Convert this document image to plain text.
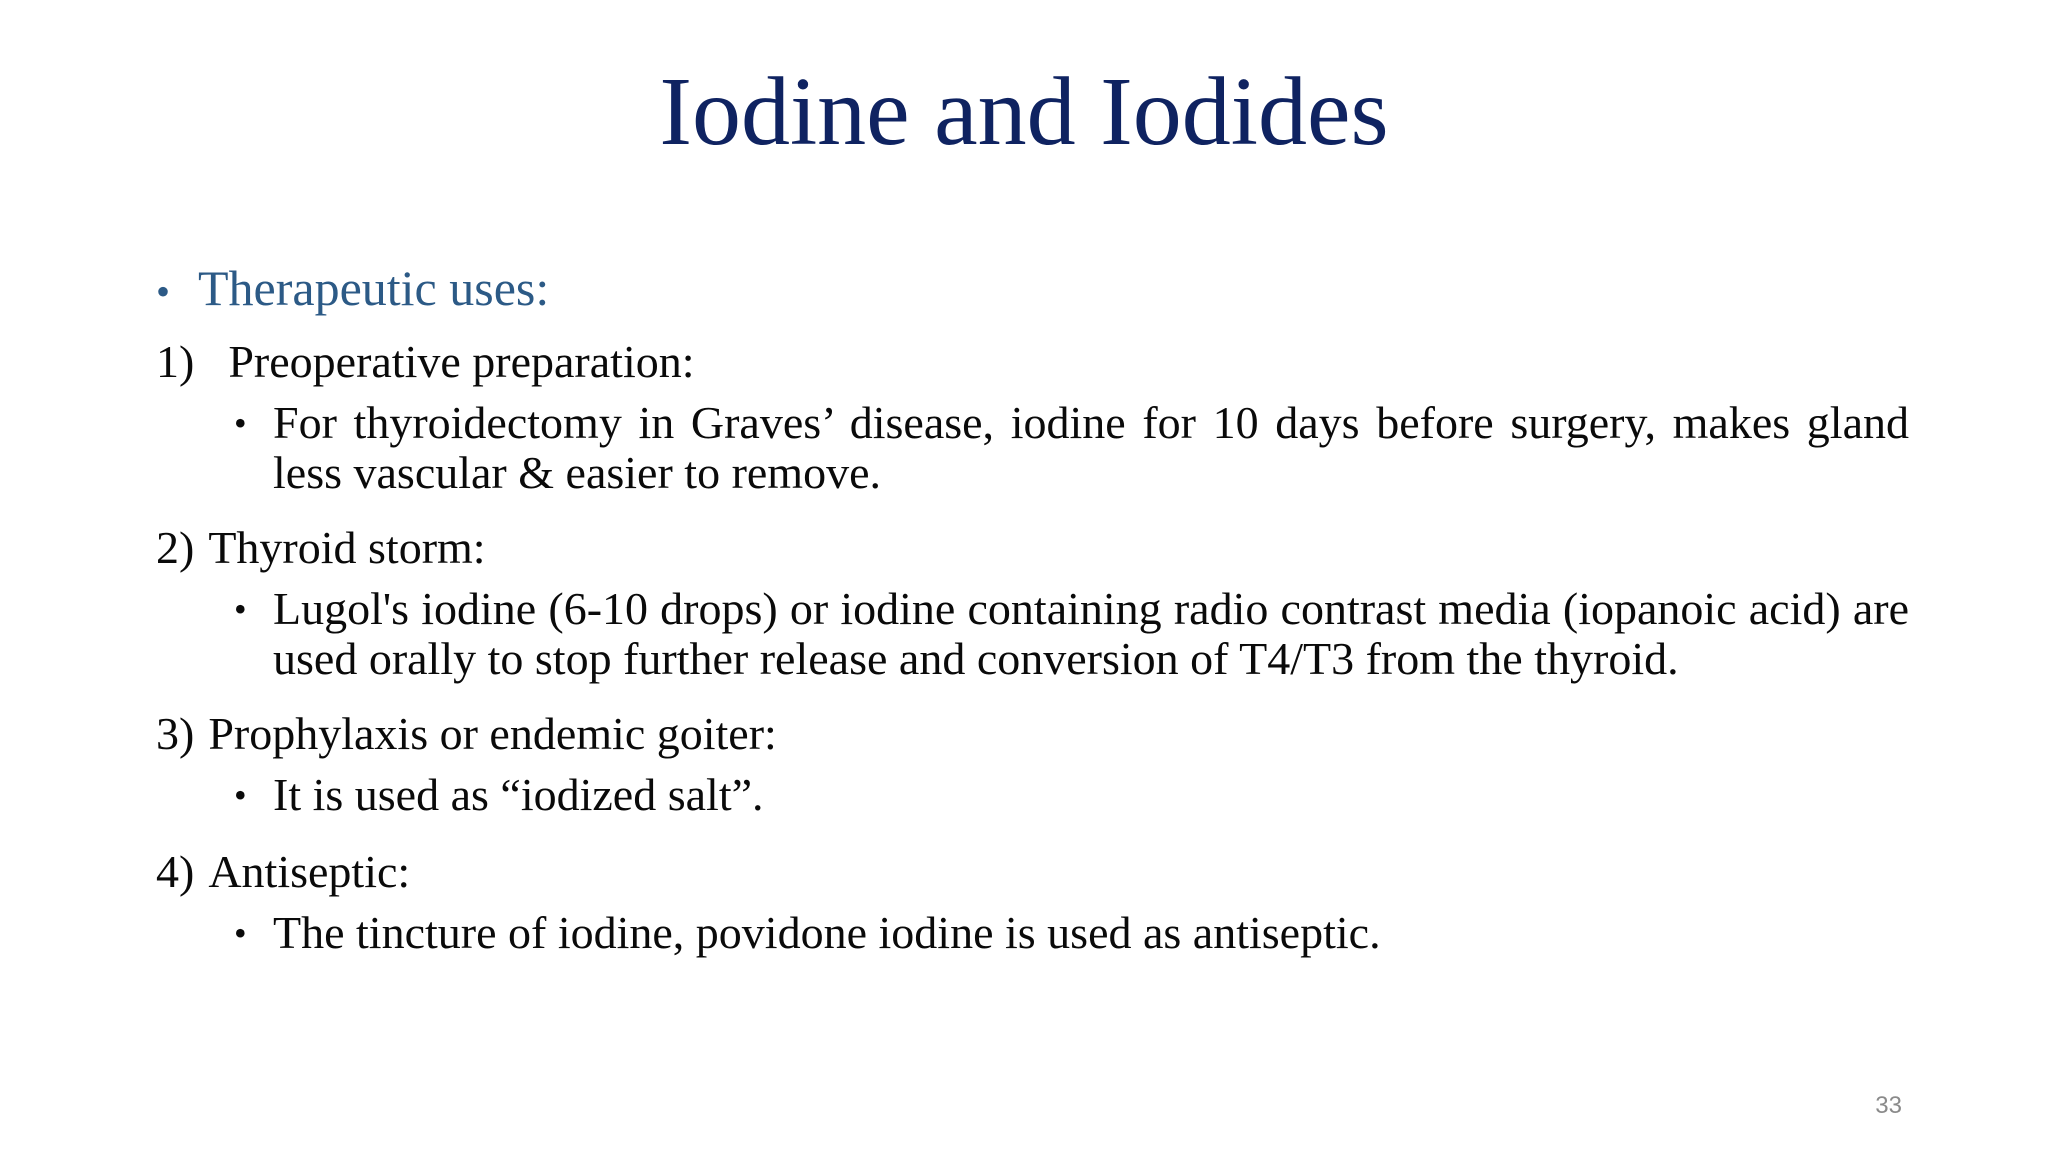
Iodine and Iodides
• Therapeutic uses:
1) Preoperative preparation:
• For thyroidectomy in Graves’ disease, iodine for 10 days before surgery, makes gland less vascular & easier to remove.
2) Thyroid storm:
• Lugol's iodine (6-10 drops) or iodine containing radio contrast media (iopanoic acid) are used orally to stop further release and conversion of T4/T3 from the thyroid.
3) Prophylaxis or endemic goiter:
• It is used as “iodized salt”.
4) Antiseptic:
• The tincture of iodine, povidone iodine is used as antiseptic.
33
